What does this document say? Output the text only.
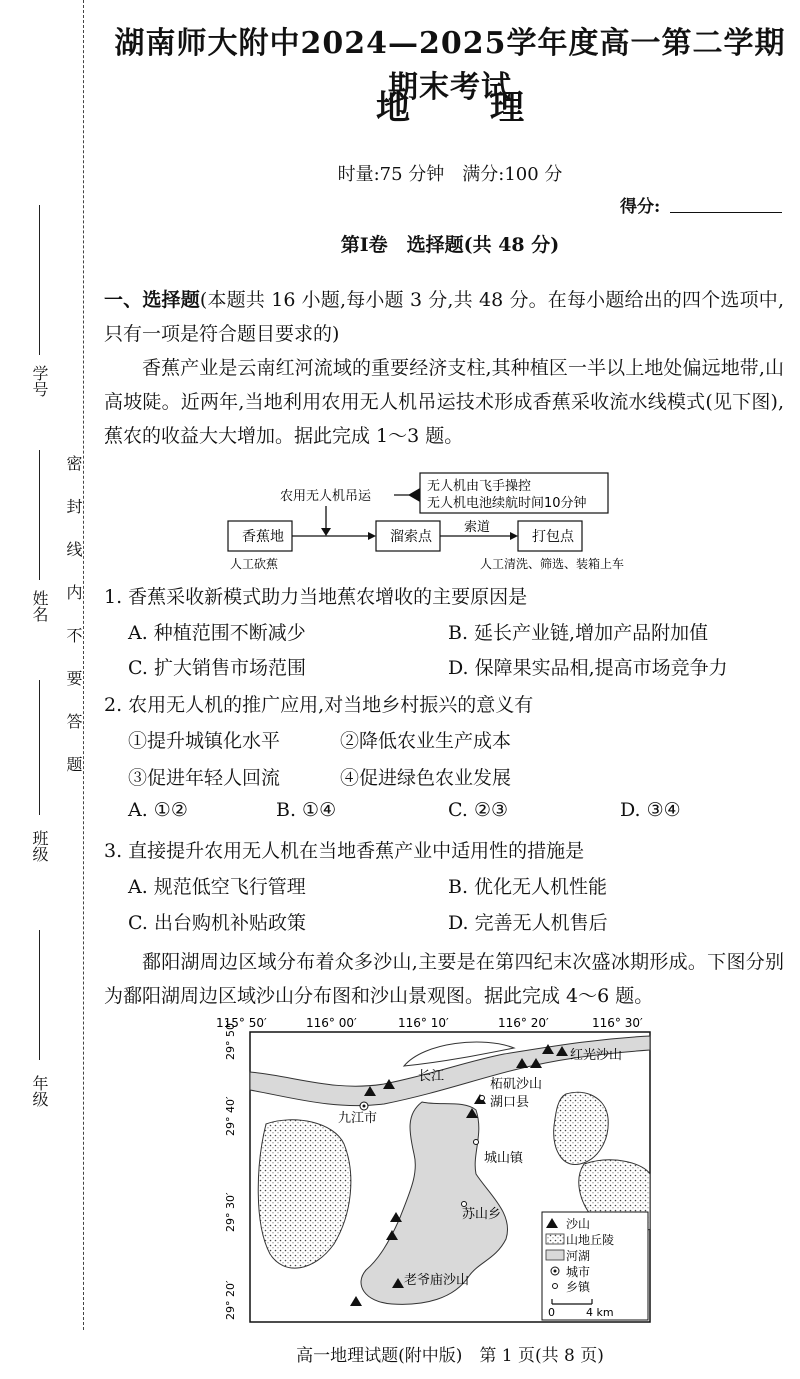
学号
姓名
班级
年级
密封线内不要答题
湖南师大附中2024—2025学年度高一第二学期期末考试
地 理
时量:75 分钟　满分:100 分
得分:
第Ⅰ卷　选择题(共 48 分)
一、选择题(本题共 16 小题,每小题 3 分,共 48 分。在每小题给出的四个选项中,只有一项是符合题目要求的)
香蕉产业是云南红河流域的重要经济支柱,其种植区一半以上地处偏远地带,山高坡陡。近两年,当地利用农用无人机吊运技术形成香蕉采收流水线模式(见下图),蕉农的收益大大增加。据此完成 1～3 题。
农用无人机吊运
无人机由飞手操控
无人机电池续航时间10分钟
香蕉地	溜索点
索道
打包点
人工砍蕉	人工清洗、筛选、装箱上车
1. 香蕉采收新模式助力当地蕉农增收的主要原因是
A. 种植范围不断减少	B. 延长产业链,增加产品附加值
C. 扩大销售市场范围	D. 保障果实品相,提高市场竞争力
2. 农用无人机的推广应用,对当地乡村振兴的意义有
①提升城镇化水平	②降低农业生产成本
③促进年轻人回流	④促进绿色农业发展
A. ①②	B. ①④	C. ②③	D. ③④
3. 直接提升农用无人机在当地香蕉产业中适用性的措施是
A. 规范低空飞行管理	B. 优化无人机性能
C. 出台购机补贴政策	D. 完善无人机售后
鄱阳湖周边区域分布着众多沙山,主要是在第四纪末次盛冰期形成。下图分别为鄱阳湖周边区域沙山分布图和沙山景观图。据此完成 4～6 题。
115° 50′	116° 00′	116° 10′	116° 20′	116° 30′
29° 50′
29° 40′
29° 30′
29° 20′
红光沙山
长江
柘矶沙山
湖口县
九江市
城山镇
苏山乡
老爷庙沙山
沙山
山地丘陵
河湖
城市
乡镇
0	4 km
高一地理试题(附中版)　第 1 页(共 8 页)
